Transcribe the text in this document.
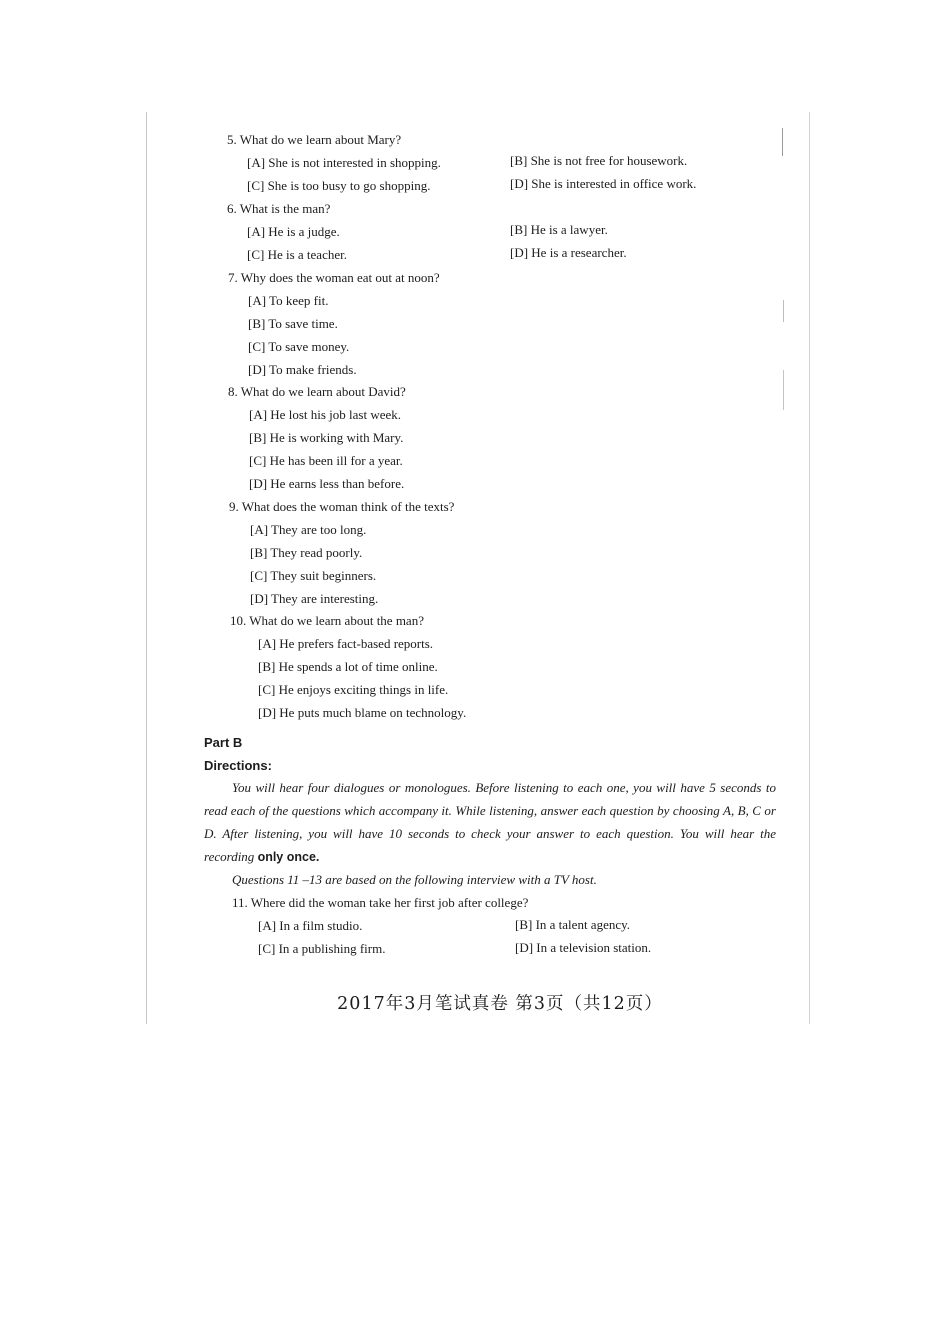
5. What do we learn about Mary?
[A] She is not interested in shopping.	[B] She is not free for housework.
[C] She is too busy to go shopping.	[D] She is interested in office work.
6. What is the man?
[A] He is a judge.	[B] He is a lawyer.
[C] He is a teacher.	[D] He is a researcher.
7. Why does the woman eat out at noon?
[A] To keep fit.
[B] To save time.
[C] To save money.
[D] To make friends.
8. What do we learn about David?
[A] He lost his job last week.
[B] He is working with Mary.
[C] He has been ill for a year.
[D] He earns less than before.
9. What does the woman think of the texts?
[A] They are too long.
[B] They read poorly.
[C] They suit beginners.
[D] They are interesting.
10. What do we learn about the man?
[A] He prefers fact-based reports.
[B] He spends a lot of time online.
[C] He enjoys exciting things in life.
[D] He puts much blame on technology.
Part B
Directions:
You will hear four dialogues or monologues. Before listening to each one, you will have 5 seconds to read each of the questions which accompany it. While listening, answer each question by choosing A, B, C or D. After listening, you will have 10 seconds to check your answer to each question. You will hear the recording only once.
Questions 11 –13 are based on the following interview with a TV host.
11. Where did the woman take her first job after college?
[A] In a film studio.	[B] In a talent agency.
[C] In a publishing firm.	[D] In a television station.
2017年3月笔试真卷 第3页（共12页）
